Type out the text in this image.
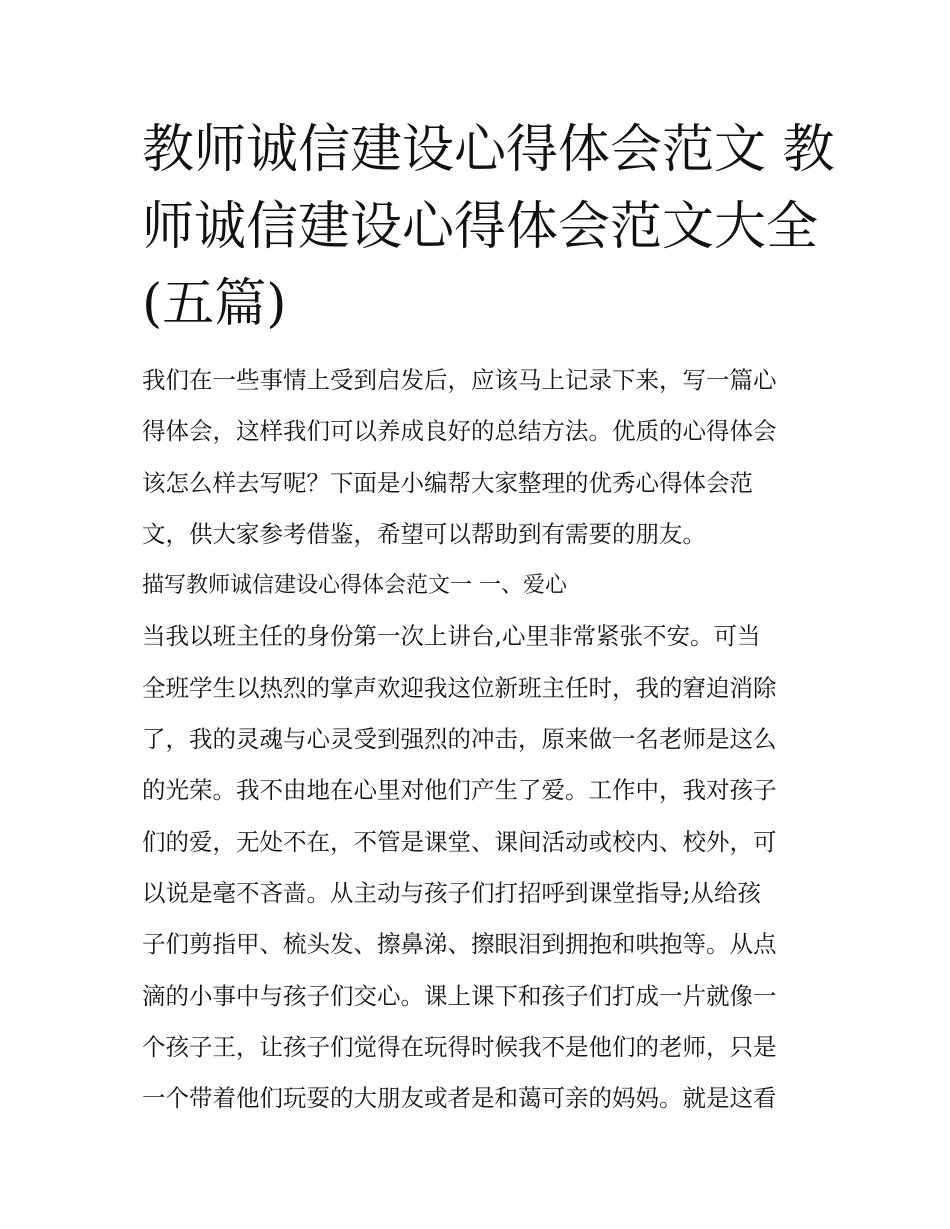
教师诚信建设心得体会范文 教
师诚信建设心得体会范文大全
(五篇)
我们在一些事情上受到启发后，应该马上记录下来，写一篇心
得体会，这样我们可以养成良好的总结方法。优质的心得体会
该怎么样去写呢？下面是小编帮大家整理的优秀心得体会范
文，供大家参考借鉴，希望可以帮助到有需要的朋友。
描写教师诚信建设心得体会范文一 一、爱心
当我以班主任的身份第一次上讲台,心里非常紧张不安。可当
全班学生以热烈的掌声欢迎我这位新班主任时，我的窘迫消除
了，我的灵魂与心灵受到强烈的冲击，原来做一名老师是这么
的光荣。我不由地在心里对他们产生了爱。工作中，我对孩子
们的爱，无处不在，不管是课堂、课间活动或校内、校外，可
以说是毫不吝啬。从主动与孩子们打招呼到课堂指导;从给孩
子们剪指甲、梳头发、擦鼻涕、擦眼泪到拥抱和哄抱等。从点
滴的小事中与孩子们交心。课上课下和孩子们打成一片就像一
个孩子王，让孩子们觉得在玩得时候我不是他们的老师，只是
一个带着他们玩耍的大朋友或者是和蔼可亲的妈妈。就是这看
